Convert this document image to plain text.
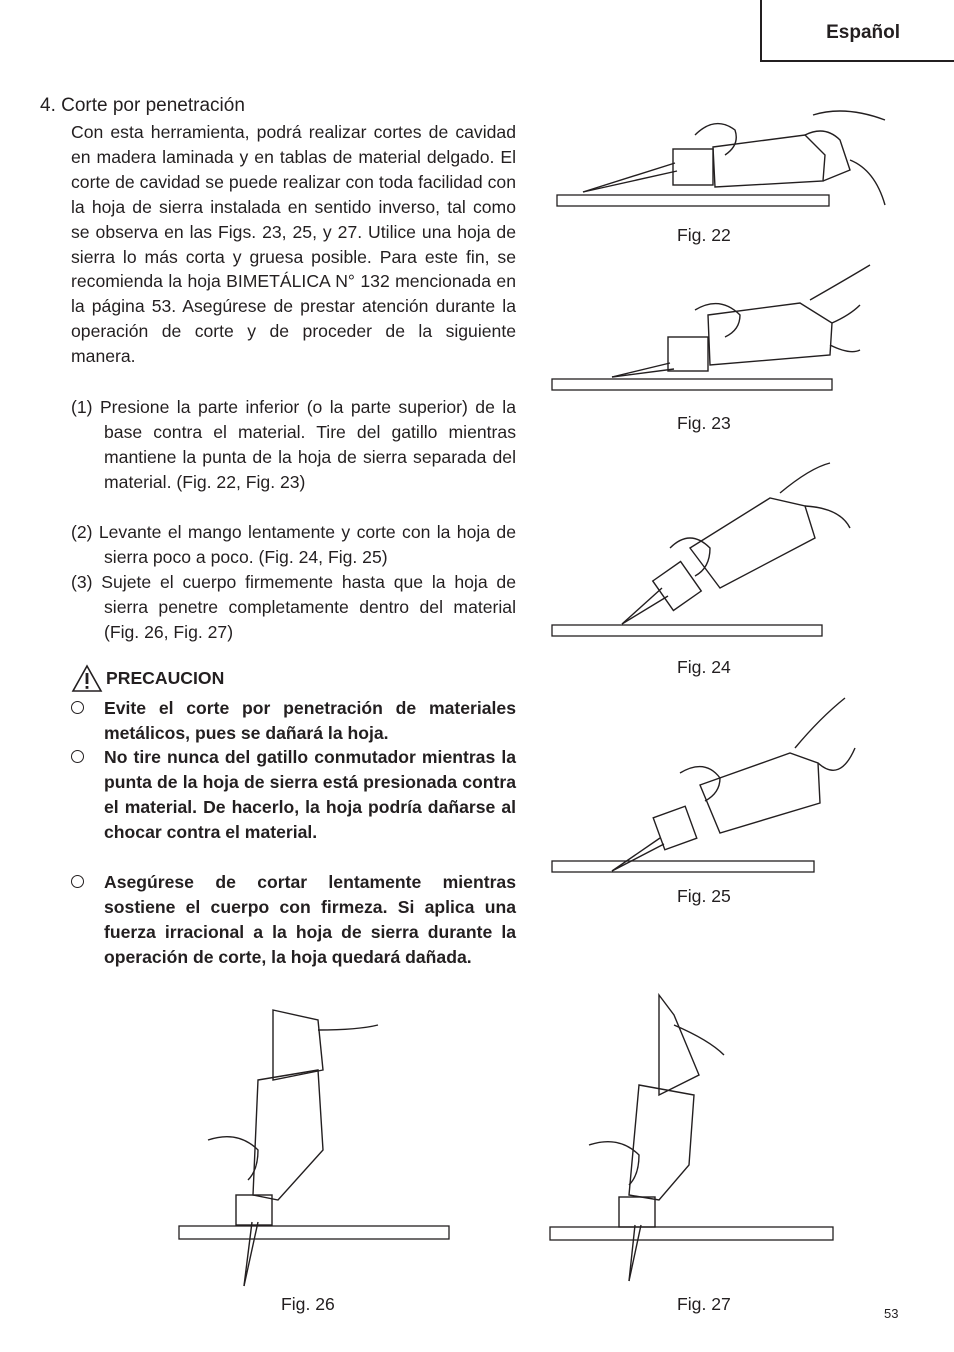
Español
4. Corte por penetración
Con esta herramienta, podrá realizar cortes de cavidad en madera laminada y en tablas de material delgado. El corte de cavidad se puede realizar con toda facilidad con la hoja de sierra instalada en sentido inverso, tal como se observa en las Figs. 23, 25, y 27. Utilice una hoja de sierra lo más corta y gruesa posible. Para este fin, se recomienda la hoja BIMETÁLICA N° 132 mencionada en la página 53. Asegúrese de prestar atención durante la operación de corte y de proceder de la siguiente manera.
(1) Presione la parte inferior (o la parte superior) de la base contra el material. Tire del gatillo mientras mantiene la punta de la hoja de sierra separada del material. (Fig. 22, Fig. 23)
(2) Levante el mango lentamente y corte con la hoja de sierra poco a poco. (Fig. 24, Fig. 25)
(3) Sujete el cuerpo firmemente hasta que la hoja de sierra penetre completamente dentro del material (Fig. 26, Fig. 27)
PRECAUCION
Evite el corte por penetración de materiales metálicos, pues se dañará la hoja.
No tire nunca del gatillo conmutador mientras la punta de la hoja de sierra está presionada contra el material. De hacerlo, la hoja podría dañarse al chocar contra el material.
Asegúrese de cortar lentamente mientras sostiene el cuerpo con firmeza. Si aplica una fuerza irracional a la hoja de sierra durante la operación de corte, la hoja quedará dañada.
Fig. 22
Fig. 23
Fig. 24
Fig. 25
Fig. 26	Fig. 27	53
